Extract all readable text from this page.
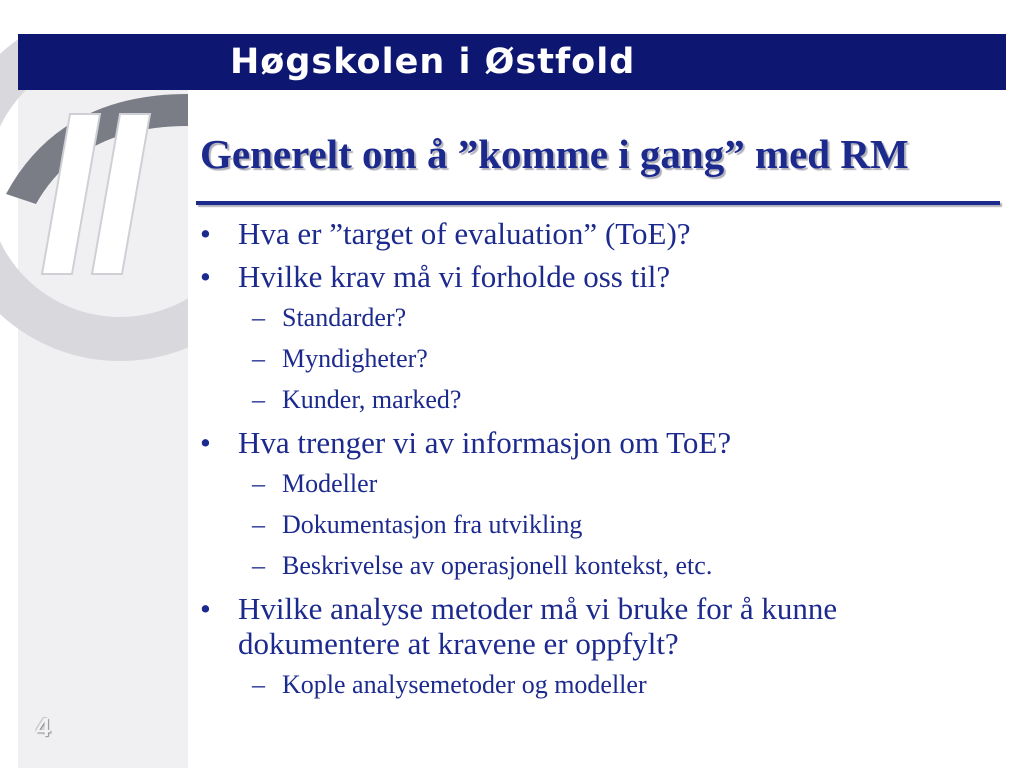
Høgskolen i Østfold
Generelt om å ”komme i gang” med RM
• Hva er ”target of evaluation” (ToE)?
• Hvilke krav må vi forholde oss til?
– Standarder?
– Myndigheter?
– Kunder, marked?
• Hva trenger vi av informasjon om ToE?
– Modeller
– Dokumentasjon fra utvikling
– Beskrivelse av operasjonell kontekst, etc.
• Hvilke analyse metoder må vi bruke for å kunne dokumentere at kravene er oppfylt?
– Kople analysemetoder og modeller
4
